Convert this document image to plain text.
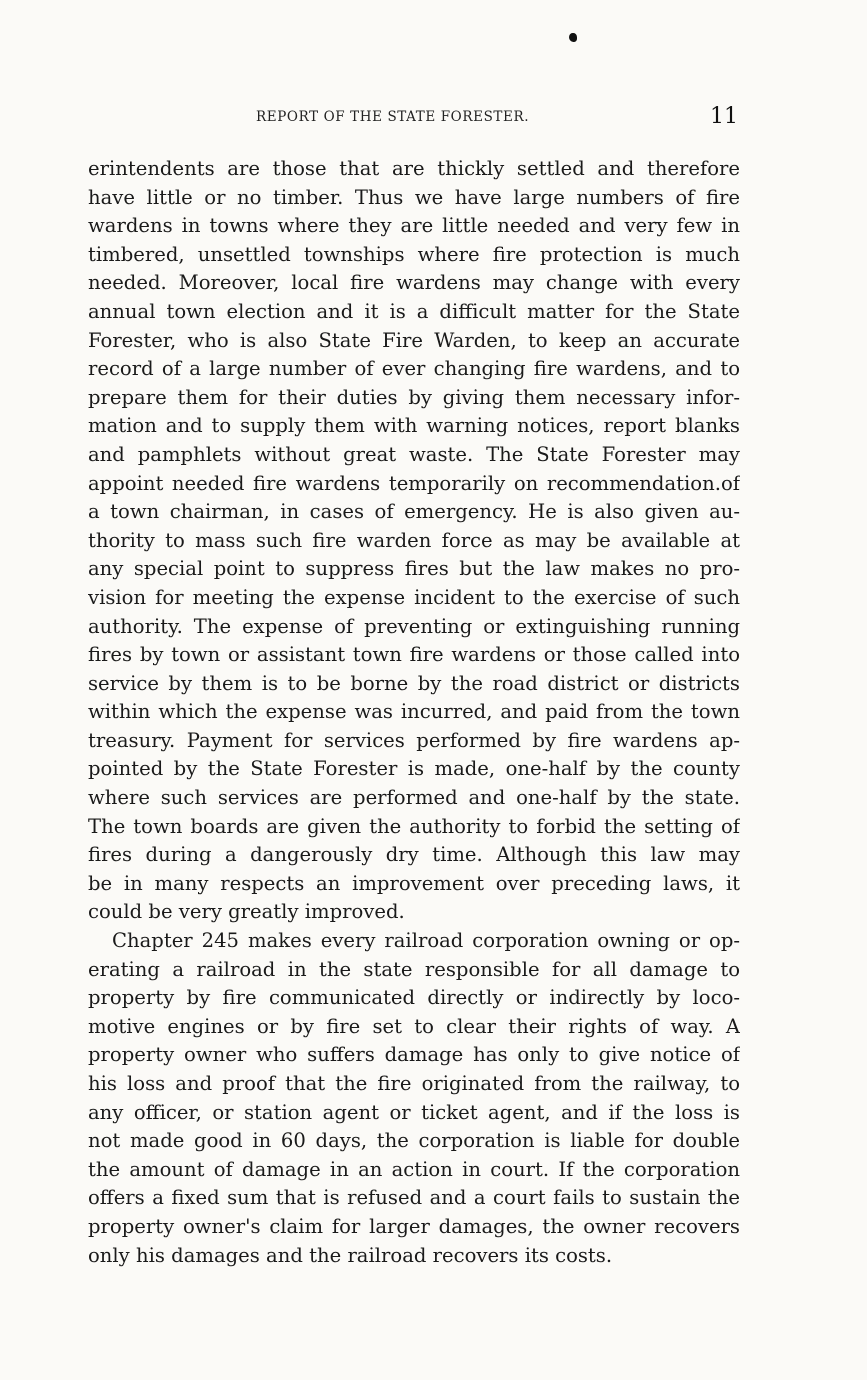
REPORT OF THE STATE FORESTER.	11
erintendents are those that are thickly settled and therefore
have little or no timber. Thus we have large numbers of fire
wardens in towns where they are little needed and very few in
timbered, unsettled townships where fire protection is much
needed. Moreover, local fire wardens may change with every
annual town election and it is a difficult matter for the State
Forester, who is also State Fire Warden, to keep an accurate
record of a large number of ever changing fire wardens, and to
prepare them for their duties by giving them necessary infor-
mation and to supply them with warning notices, report blanks
and pamphlets without great waste. The State Forester may
appoint needed fire wardens temporarily on recommendation.of
a town chairman, in cases of emergency. He is also given au-
thority to mass such fire warden force as may be available at
any special point to suppress fires but the law makes no pro-
vision for meeting the expense incident to the exercise of such
authority. The expense of preventing or extinguishing running
fires by town or assistant town fire wardens or those called into
service by them is to be borne by the road district or districts
within which the expense was incurred, and paid from the town
treasury. Payment for services performed by fire wardens ap-
pointed by the State Forester is made, one-half by the county
where such services are performed and one-half by the state.
The town boards are given the authority to forbid the setting of
fires during a dangerously dry time. Although this law may
be in many respects an improvement over preceding laws, it
could be very greatly improved.
Chapter 245 makes every railroad corporation owning or op-
erating a railroad in the state responsible for all damage to
property by fire communicated directly or indirectly by loco-
motive engines or by fire set to clear their rights of way. A
property owner who suffers damage has only to give notice of
his loss and proof that the fire originated from the railway, to
any officer, or station agent or ticket agent, and if the loss is
not made good in 60 days, the corporation is liable for double
the amount of damage in an action in court. If the corporation
offers a fixed sum that is refused and a court fails to sustain the
property owner's claim for larger damages, the owner recovers
only his damages and the railroad recovers its costs.
